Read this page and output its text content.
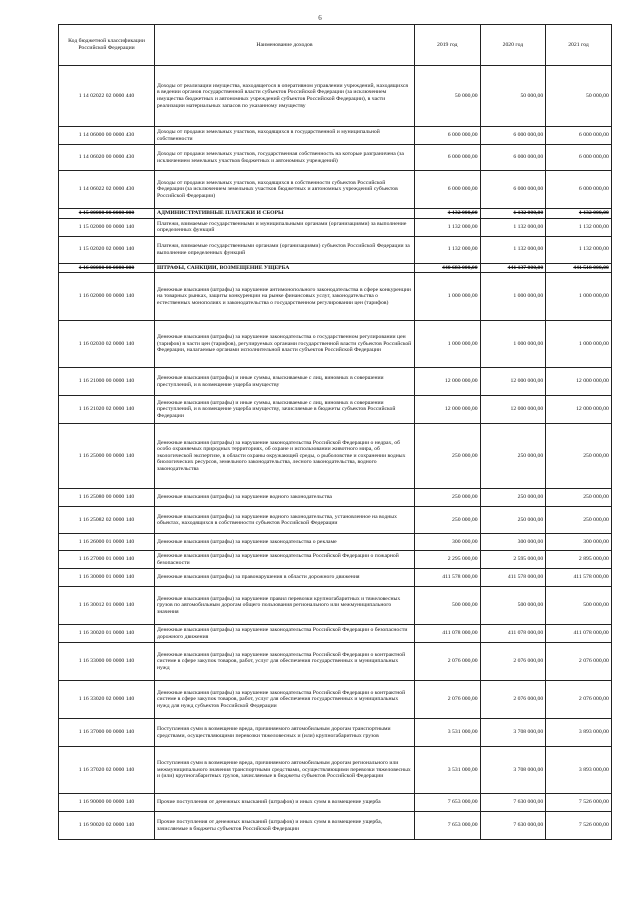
6
Код бюджетной классификации Российской Федерации	Наименование доходов	2019 год	2020 год	2021 год
1 14 02022 02 0000 440	Доходы от реализации имущества, находящегося в оперативном управлении учреждений, находящихся в ведении органов государственной власти субъектов Российской Федерации (за исключением имущества бюджетных и автономных учреждений субъектов Российской Федерации), в части реализации материальных запасов по указанному имуществу	50 000,00	50 000,00	50 000,00
1 14 06000 00 0000 430	Доходы от продажи земельных участков, находящихся в государственной и муниципальной собственности	6 000 000,00	6 000 000,00	6 000 000,00
1 14 06020 00 0000 430	Доходы от продажи земельных участков, государственная собственность на которые разграничена (за исключением земельных участков бюджетных и автономных учреждений)	6 000 000,00	6 000 000,00	6 000 000,00
1 14 06022 02 0000 430	Доходы от продажи земельных участков, находящихся в собственности субъектов Российской Федерации (за исключением земельных участков бюджетных и автономных учреждений субъектов Российской Федерации)	6 000 000,00	6 000 000,00	6 000 000,00
1 15 00000 00 0000 000	АДМИНИСТРАТИВНЫЕ ПЛАТЕЖИ И СБОРЫ	1 132 000,00	1 132 000,00	1 132 000,00
1 15 02000 00 0000 140	Платежи, взимаемые государственными и муниципальными органами (организациями) за выполнение определенных функций	1 132 000,00	1 132 000,00	1 132 000,00
1 15 02020 02 0000 140	Платежи, взимаемые государственными органами (организациями) субъектов Российской Федерации за выполнение определенных функций	1 132 000,00	1 132 000,00	1 132 000,00
1 16 00000 00 0000 000	ШТРАФЫ, САНКЦИИ, ВОЗМЕЩЕНИЕ УЩЕРБА	440 683 000,00	441 137 000,00	441 518 000,00
1 16 02000 00 0000 140	Денежные взыскания (штрафы) за нарушение антимонопольного законодательства в сфере конкуренции на товарных рынках, защиты конкуренции на рынке финансовых услуг, законодательства о естественных монополиях и законодательства о государственном регулировании цен (тарифов)	1 000 000,00	1 000 000,00	1 000 000,00
1 16 02030 02 0000 140	Денежные взыскания (штрафы) за нарушение законодательства о государственном регулировании цен (тарифов) в части цен (тарифов), регулируемых органами государственной власти субъектов Российской Федерации, налагаемые органами исполнительной власти субъектов Российской Федерации	1 000 000,00	1 000 000,00	1 000 000,00
1 16 21000 00 0000 140	Денежные взыскания (штрафы) и иные суммы, взыскиваемые с лиц, виновных в совершении преступлений, и в возмещение ущерба имуществу	12 000 000,00	12 000 000,00	12 000 000,00
1 16 21020 02 0000 140	Денежные взыскания (штрафы) и иные суммы, взыскиваемые с лиц, виновных в совершении преступлений, и в возмещение ущерба имуществу, зачисляемые в бюджеты субъектов Российской Федерации	12 000 000,00	12 000 000,00	12 000 000,00
1 16 25000 00 0000 140	Денежные взыскания (штрафы) за нарушение законодательства Российской Федерации о недрах, об особо охраняемых природных территориях, об охране и использовании животного мира, об экологической экспертизе, в области охраны окружающей среды, о рыболовстве и сохранении водных биологических ресурсов, земельного законодательства, лесного законодательства, водного законодательства	250 000,00	250 000,00	250 000,00
1 16 25080 00 0000 140	Денежные взыскания (штрафы) за нарушение водного законодательства	250 000,00	250 000,00	250 000,00
1 16 25082 02 0000 140	Денежные взыскания (штрафы) за нарушение водного законодательства, установленное на водных объектах, находящихся в собственности субъектов Российской Федерации	250 000,00	250 000,00	250 000,00
1 16 26000 01 0000 140	Денежные взыскания (штрафы) за нарушение законодательства о рекламе	300 000,00	300 000,00	300 000,00
1 16 27000 01 0000 140	Денежные взыскания (штрафы) за нарушение законодательства Российской Федерации о пожарной безопасности	2 295 000,00	2 595 000,00	2 895 000,00
1 16 30000 01 0000 140	Денежные взыскания (штрафы) за правонарушения в области дорожного движения	411 578 000,00	411 578 000,00	411 578 000,00
1 16 30012 01 0000 140	Денежные взыскания (штрафы) за нарушение правил перевозки крупногабаритных и тяжеловесных грузов по автомобильным дорогам общего пользования регионального или межмуниципального значения	500 000,00	500 000,00	500 000,00
1 16 30020 01 0000 140	Денежные взыскания (штрафы) за нарушение законодательства Российской Федерации о безопасности дорожного движения	411 078 000,00	411 078 000,00	411 078 000,00
1 16 33000 00 0000 140	Денежные взыскания (штрафы) за нарушение законодательства Российской Федерации о контрактной системе в сфере закупок товаров, работ, услуг для обеспечения государственных и муниципальных нужд	2 076 000,00	2 076 000,00	2 076 000,00
1 16 33020 02 0000 140	Денежные взыскания (штрафы) за нарушение законодательства Российской Федерации о контрактной системе в сфере закупок товаров, работ, услуг для обеспечения государственных и муниципальных нужд для нужд субъектов Российской Федерации	2 076 000,00	2 076 000,00	2 076 000,00
1 16 37000 00 0000 140	Поступления сумм в возмещение вреда, причиняемого автомобильным дорогам транспортными средствами, осуществляющими перевозки тяжеловесных и (или) крупногабаритных грузов	3 531 000,00	3 708 000,00	3 893 000,00
1 16 37020 02 0000 140	Поступления сумм в возмещение вреда, причиняемого автомобильным дорогам регионального или межмуниципального значения транспортными средствами, осуществляющими перевозки тяжеловесных и (или) крупногабаритных грузов, зачисляемые в бюджеты субъектов Российской Федерации	3 531 000,00	3 708 000,00	3 893 000,00
1 16 90000 00 0000 140	Прочие поступления от денежных взысканий (штрафов) и иных сумм в возмещение ущерба	7 653 000,00	7 630 000,00	7 526 000,00
1 16 90020 02 0000 140	Прочие поступления от денежных взысканий (штрафов) и иных сумм в возмещение ущерба, зачисляемые в бюджеты субъектов Российской Федерации	7 653 000,00	7 630 000,00	7 526 000,00
